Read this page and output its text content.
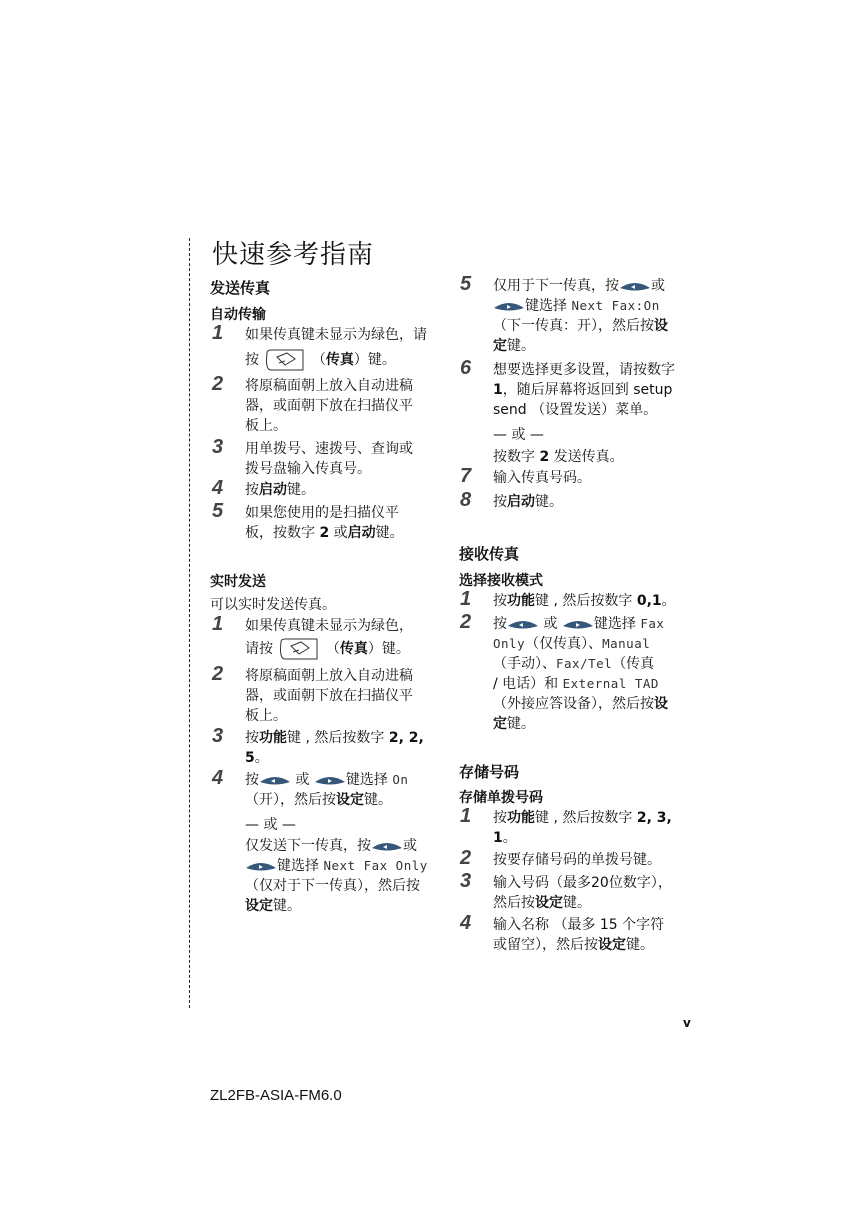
快速参考指南
发送传真
自动传输
1 如果传真键未显示为绿色，请
按	（传真）键。
2 将原稿面朝上放入自动进稿
器，或面朝下放在扫描仪平
板上。
3 用单拨号、速拨号、查询或
拨号盘输入传真号。
4 按启动键。
5 如果您使用的是扫描仪平
板，按数字 2 或启动键。
实时发送
可以实时发送传真。
1 如果传真键未显示为绿色，
请按	（传真）键。
2 将原稿面朝上放入自动进稿
器，或面朝下放在扫描仪平
板上。
3 按功能键 , 然后按数字 2, 2,
5。
4 按 或 键选择 On
（开），然后按设定键。
— 或 —
仅发送下一传真，按 或
键选择 Next Fax Only
（仅对于下一传真），然后按
设定键。
5 仅用于下一传真，按 或
键选择 Next Fax:On
（下一传真：开），然后按设
定键。
6 想要选择更多设置，请按数字
1，随后屏幕将返回到 setup
send （设置发送）菜单。
— 或 —
按数字 2 发送传真。
7 输入传真号码。
8 按启动键。
接收传真
选择接收模式
1 按功能键 , 然后按数字 0,1。
2 按 或 键选择 Fax
Only（仅传真）、Manual
（手动）、Fax/Tel（传真
/ 电话）和 External TAD
（外接应答设备），然后按设
定键。
存储号码
存储单拨号码
1 按功能键 , 然后按数字 2, 3,
1。
2 按要存储号码的单拨号键。
3 输入号码（最多20位数字），
然后按设定键。
4 输入名称 （最多 15 个字符
或留空），然后按设定键。
v
ZL2FB-ASIA-FM6.0
